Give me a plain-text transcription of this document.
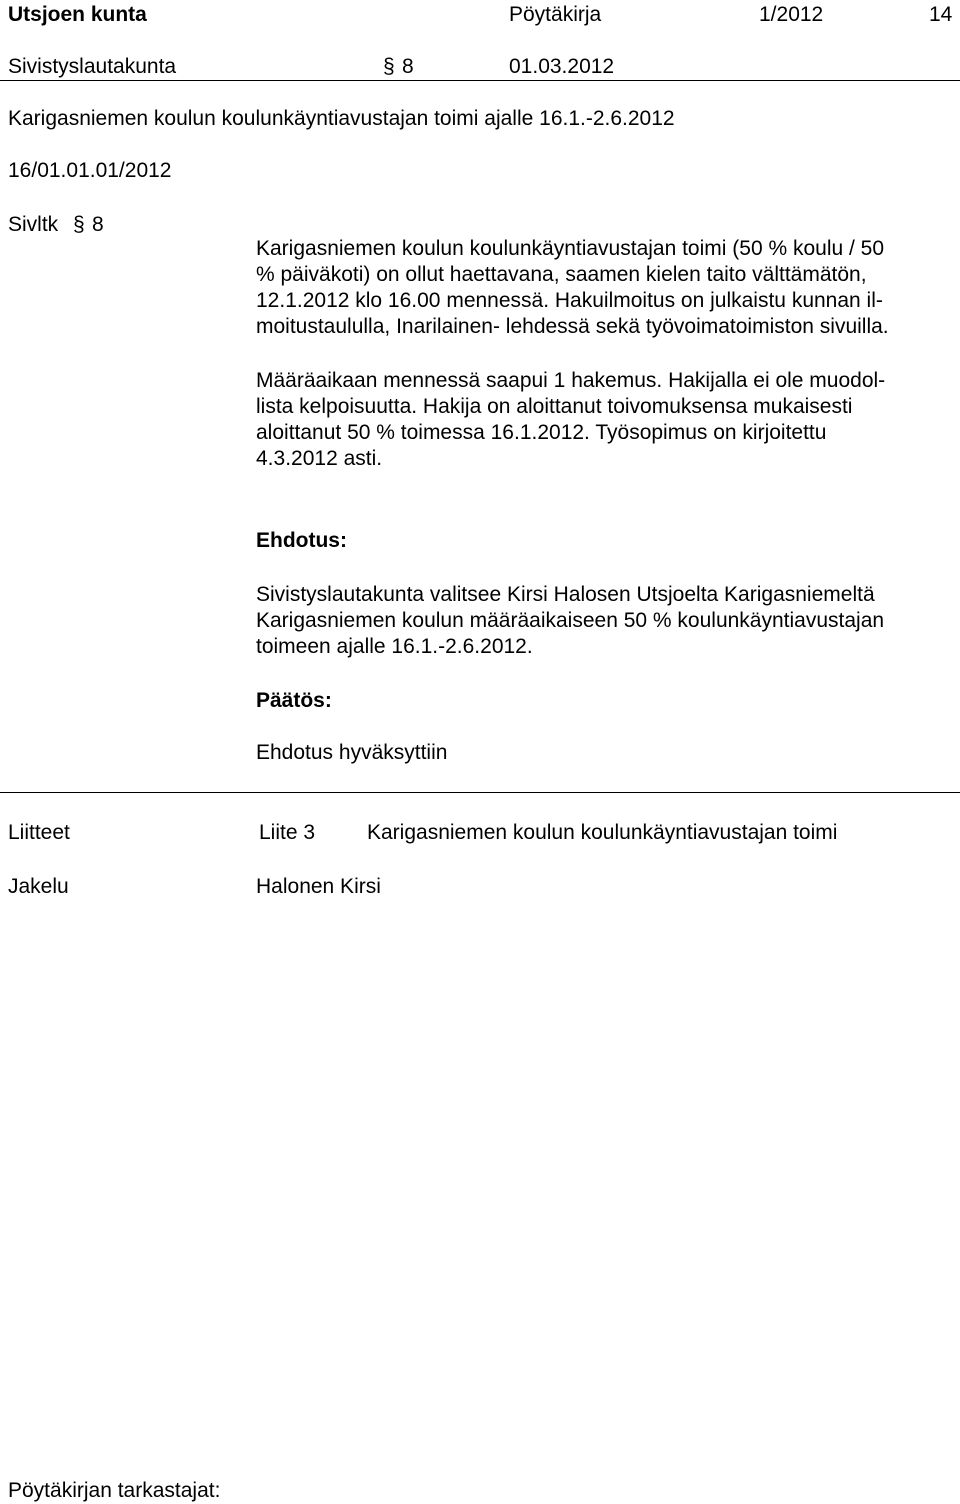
Utsjoen kunta	Pöytäkirja	1/2012	14
Sivistyslautakunta	§ 8	01.03.2012
Karigasniemen koulun koulunkäyntiavustajan toimi ajalle 16.1.-2.6.2012
16/01.01.01/2012
Sivltk § 8

Karigasniemen koulun koulunkäyntiavustajan toimi (50 % koulu / 50

% päiväkoti) on ollut haettavana, saamen kielen taito välttämätön,

12.1.2012 klo 16.00 mennessä. Hakuilmoitus on julkaistu kunnan il-

moitustaululla, Inarilainen- lehdessä sekä työvoimatoimiston sivuilla.

Määräaikaan mennessä saapui 1 hakemus. Hakijalla ei ole muodol-

lista kelpoisuutta. Hakija on aloittanut toivomuksensa mukaisesti

aloittanut 50 % toimessa 16.1.2012. Työsopimus on kirjoitettu

4.3.2012 asti.

Ehdotus:

Sivistyslautakunta valitsee Kirsi Halosen Utsjoelta Karigasniemeltä

Karigasniemen koulun määräaikaiseen 50 % koulunkäyntiavustajan

toimeen ajalle 16.1.-2.6.2012.

Päätös:
Ehdotus hyväksyttiin
Liitteet	Liite 3 Karigasniemen koulun koulunkäyntiavustajan toimi
Jakelu	Halonen Kirsi
Pöytäkirjan tarkastajat:
